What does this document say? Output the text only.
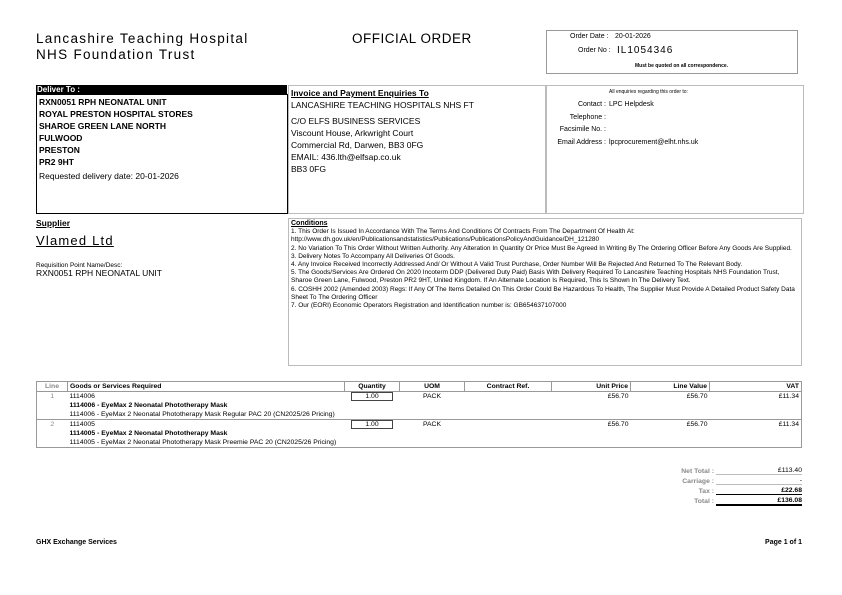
Lancashire Teaching Hospital
NHS Foundation Trust
OFFICIAL ORDER	Order Date : 20-01-2026
Order No : IL1054346
Must be quoted on all correspondence.
Deliver To :
RXN0051 RPH NEONATAL UNIT
ROYAL PRESTON HOSPITAL STORES
SHAROE GREEN LANE NORTH
FULWOOD
PRESTON
PR2 9HT
Requested delivery date: 20-01-2026
Invoice and Payment Enquiries To
LANCASHIRE TEACHING HOSPITALS NHS FT
C/O ELFS BUSINESS SERVICES
Viscount House, Arkwright Court
Commercial Rd, Darwen, BB3 0FG
EMAIL: 436.lth@elfsap.co.uk
BB3 0FG
All enquiries regarding this order to:
Contact : LPC Helpdesk
Telephone :
Facsimile No. :
Email Address : lpcprocurement@elht.nhs.uk
Supplier
Vlamed Ltd
Requisition Point Name/Desc:
RXN0051 RPH NEONATAL UNIT
Conditions
1. This Order Is Issued In Accordance With The Terms And Conditions Of Contracts From The Department Of Health At:
http://www.dh.gov.uk/en/Publicationsandstatistics/Publications/PublicationsPolicyAndGuidance/DH_121280
2. No Variation To This Order Without Written Authority. Any Alteration In Quantity Or Price Must Be Agreed In Writing By The Ordering Officer Before Any Goods Are Supplied.
3. Delivery Notes To Accompany All Deliveries Of Goods.
4. Any Invoice Received Incorrectly Addressed And/ Or Without A Valid Trust Purchase, Order Number Will Be Rejected And Returned To The Relevant Body.
5. The Goods/Services Are Ordered On 2020 Incoterm DDP (Delivered Duty Paid) Basis With Delivery Required To Lancashire Teaching Hospitals NHS Foundation Trust, Sharoe Green Lane, Fulwood, Preston PR2 9HT, United Kingdom. If An Alternate Location Is Required, This Is Shown In The Delivery Text.
6. COSHH 2002 (Amended 2003) Regs: If Any Of The Items Detailed On This Order Could Be Hazardous To Health, The Supplier Must Provide A Detailed Product Safety Data Sheet To The Ordering Officer
7. Our (EORI) Economic Operators Registration and Identification number is: GB654637107000
Line	Goods or Services Required	Quantity	UOM	Contract Ref.	Unit Price	Line Value	VAT
1	1114006	1.00	PACK		£56.70	£56.70	£11.34
	1114006 - EyeMax 2 Neonatal Phototherapy Mask						
	1114006 - EyeMax 2 Neonatal Phototherapy Mask Regular PAC 20 (CN2025/26 Pricing)						
2	1114005	1.00	PACK		£56.70	£56.70	£11.34
	1114005 - EyeMax 2 Neonatal Phototherapy Mask						
	1114005 - EyeMax 2 Neonatal Phototherapy Mask Preemie PAC 20 (CN2025/26 Pricing)						
Net Total :	£113.40
Carriage :	-
Tax :	£22.68
Total :	£136.08
GHX Exchange Services	Page 1 of 1
